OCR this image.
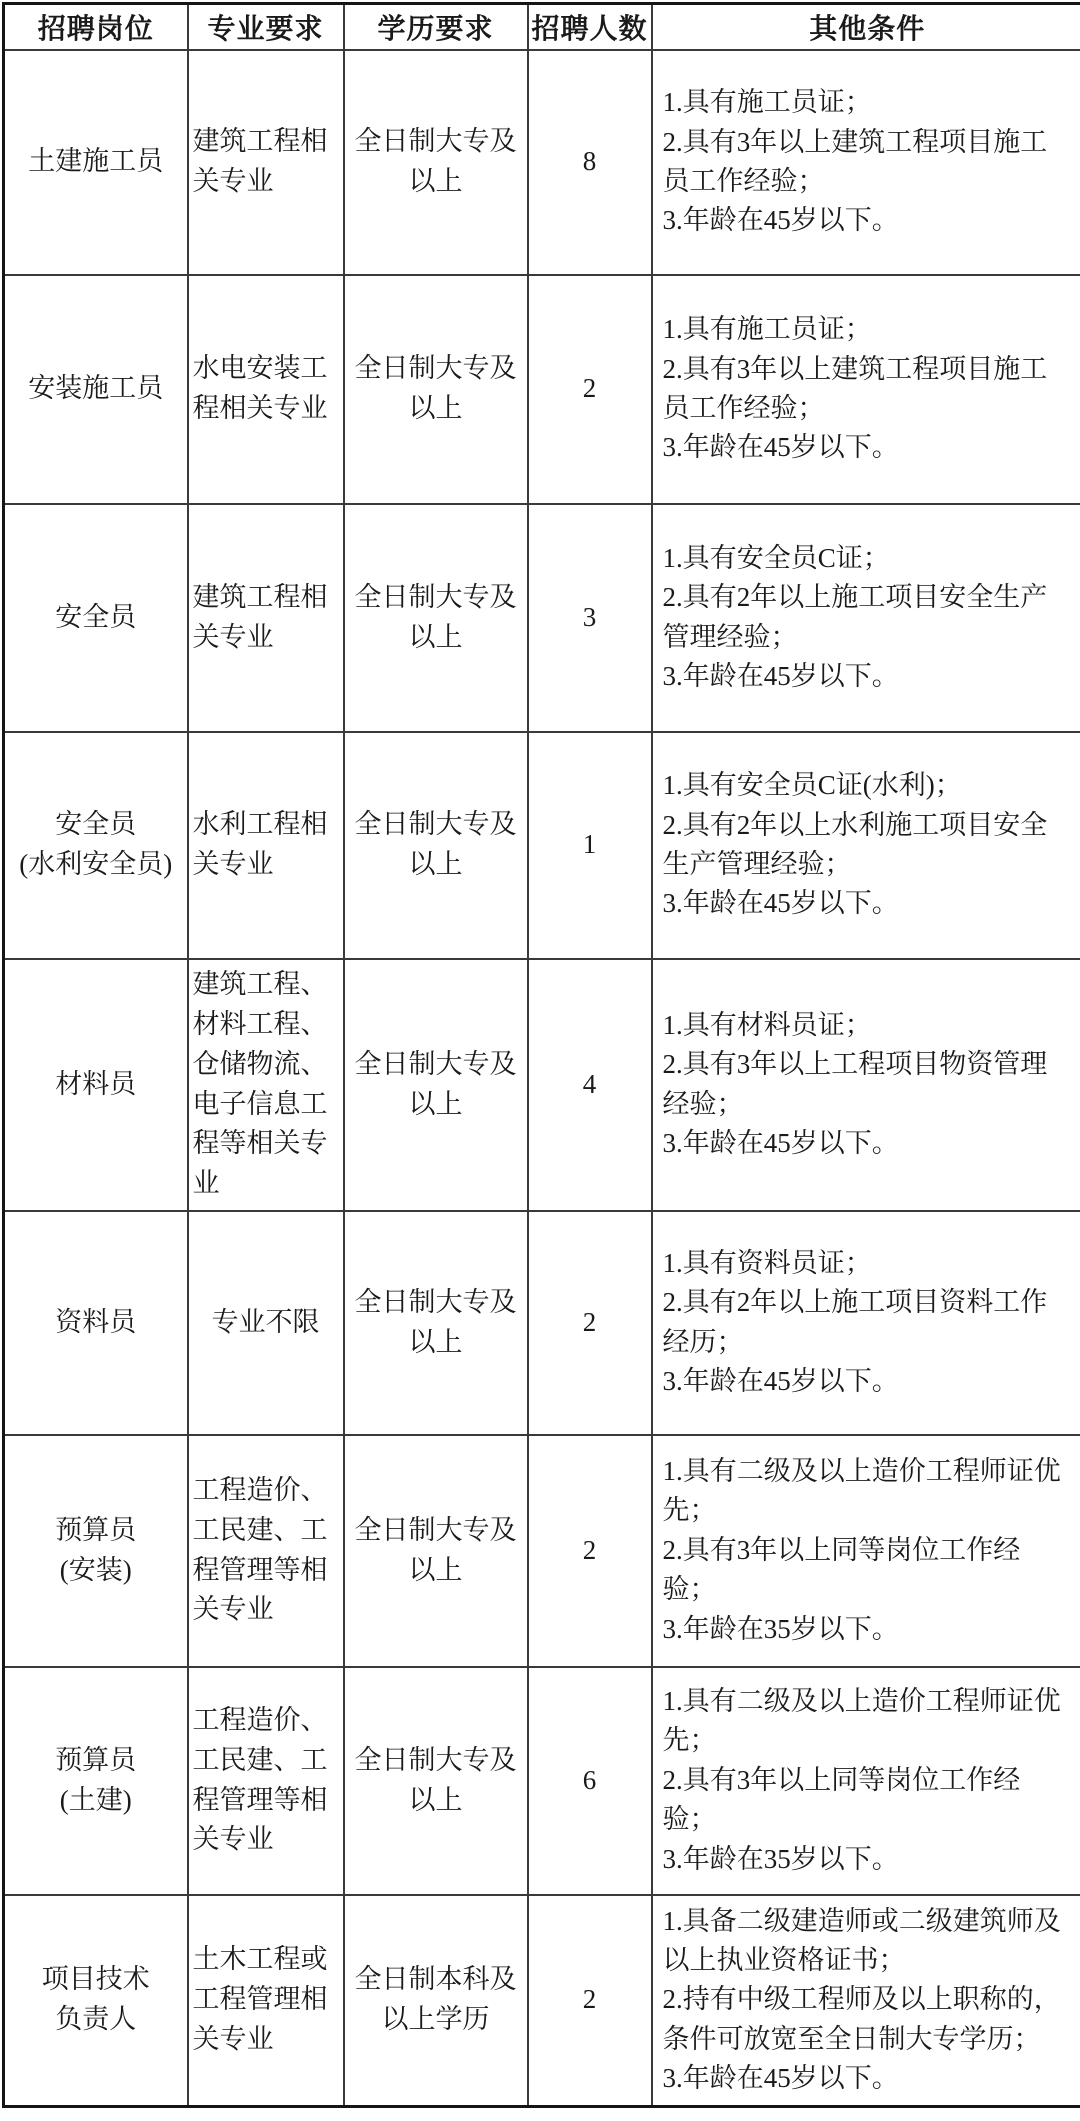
招聘岗位	专业要求	学历要求	招聘人数	其他条件
土建施工员	建筑工程相关专业	全日制大专及以上	8	1.具有施工员证；
2.具有3年以上建筑工程项目施工员工作经验；
3.年龄在45岁以下。

安装施工员	水电安装工程相关专业	全日制大专及以上	2	1.具有施工员证；
2.具有3年以上建筑工程项目施工员工作经验；
3.年龄在45岁以下。

安全员	建筑工程相关专业	全日制大专及以上	3	1.具有安全员C证；
2.具有2年以上施工项目安全生产管理经验；
3.年龄在45岁以下。

安全员
(水利安全员)	水利工程相关专业	全日制大专及以上	1	
1.具有安全员C证(水利)；
2.具有2年以上水利施工项目安全生产管理经验；
3.年龄在45岁以下。

材料员	建筑工程、材料工程、仓储物流、电子信息工程等相关专业	全日制大专及以上	4	1.具有材料员证；
2.具有3年以上工程项目物资管理经验；
3.年龄在45岁以下。

资料员	专业不限	全日制大专及以上	2	1.具有资料员证；
2.具有2年以上施工项目资料工作经历；
3.年龄在45岁以下。

预算员
(安装)	工程造价、工民建、工程管理等相关专业	全日制大专及以上	2	
1.具有二级及以上造价工程师证优先；
2.具有3年以上同等岗位工作经验；
3.年龄在35岁以下。

预算员
(土建)	工程造价、工民建、工程管理等相关专业	全日制大专及以上	6	
1.具有二级及以上造价工程师证优先；
2.具有3年以上同等岗位工作经验；
3.年龄在35岁以下。

项目技术
负责人	土木工程或工程管理相关专业	全日制本科及以上学历	2	
1.具备二级建造师或二级建筑师及以上执业资格证书；
2.持有中级工程师及以上职称的，条件可放宽至全日制大专学历；
3.年龄在45岁以下。
